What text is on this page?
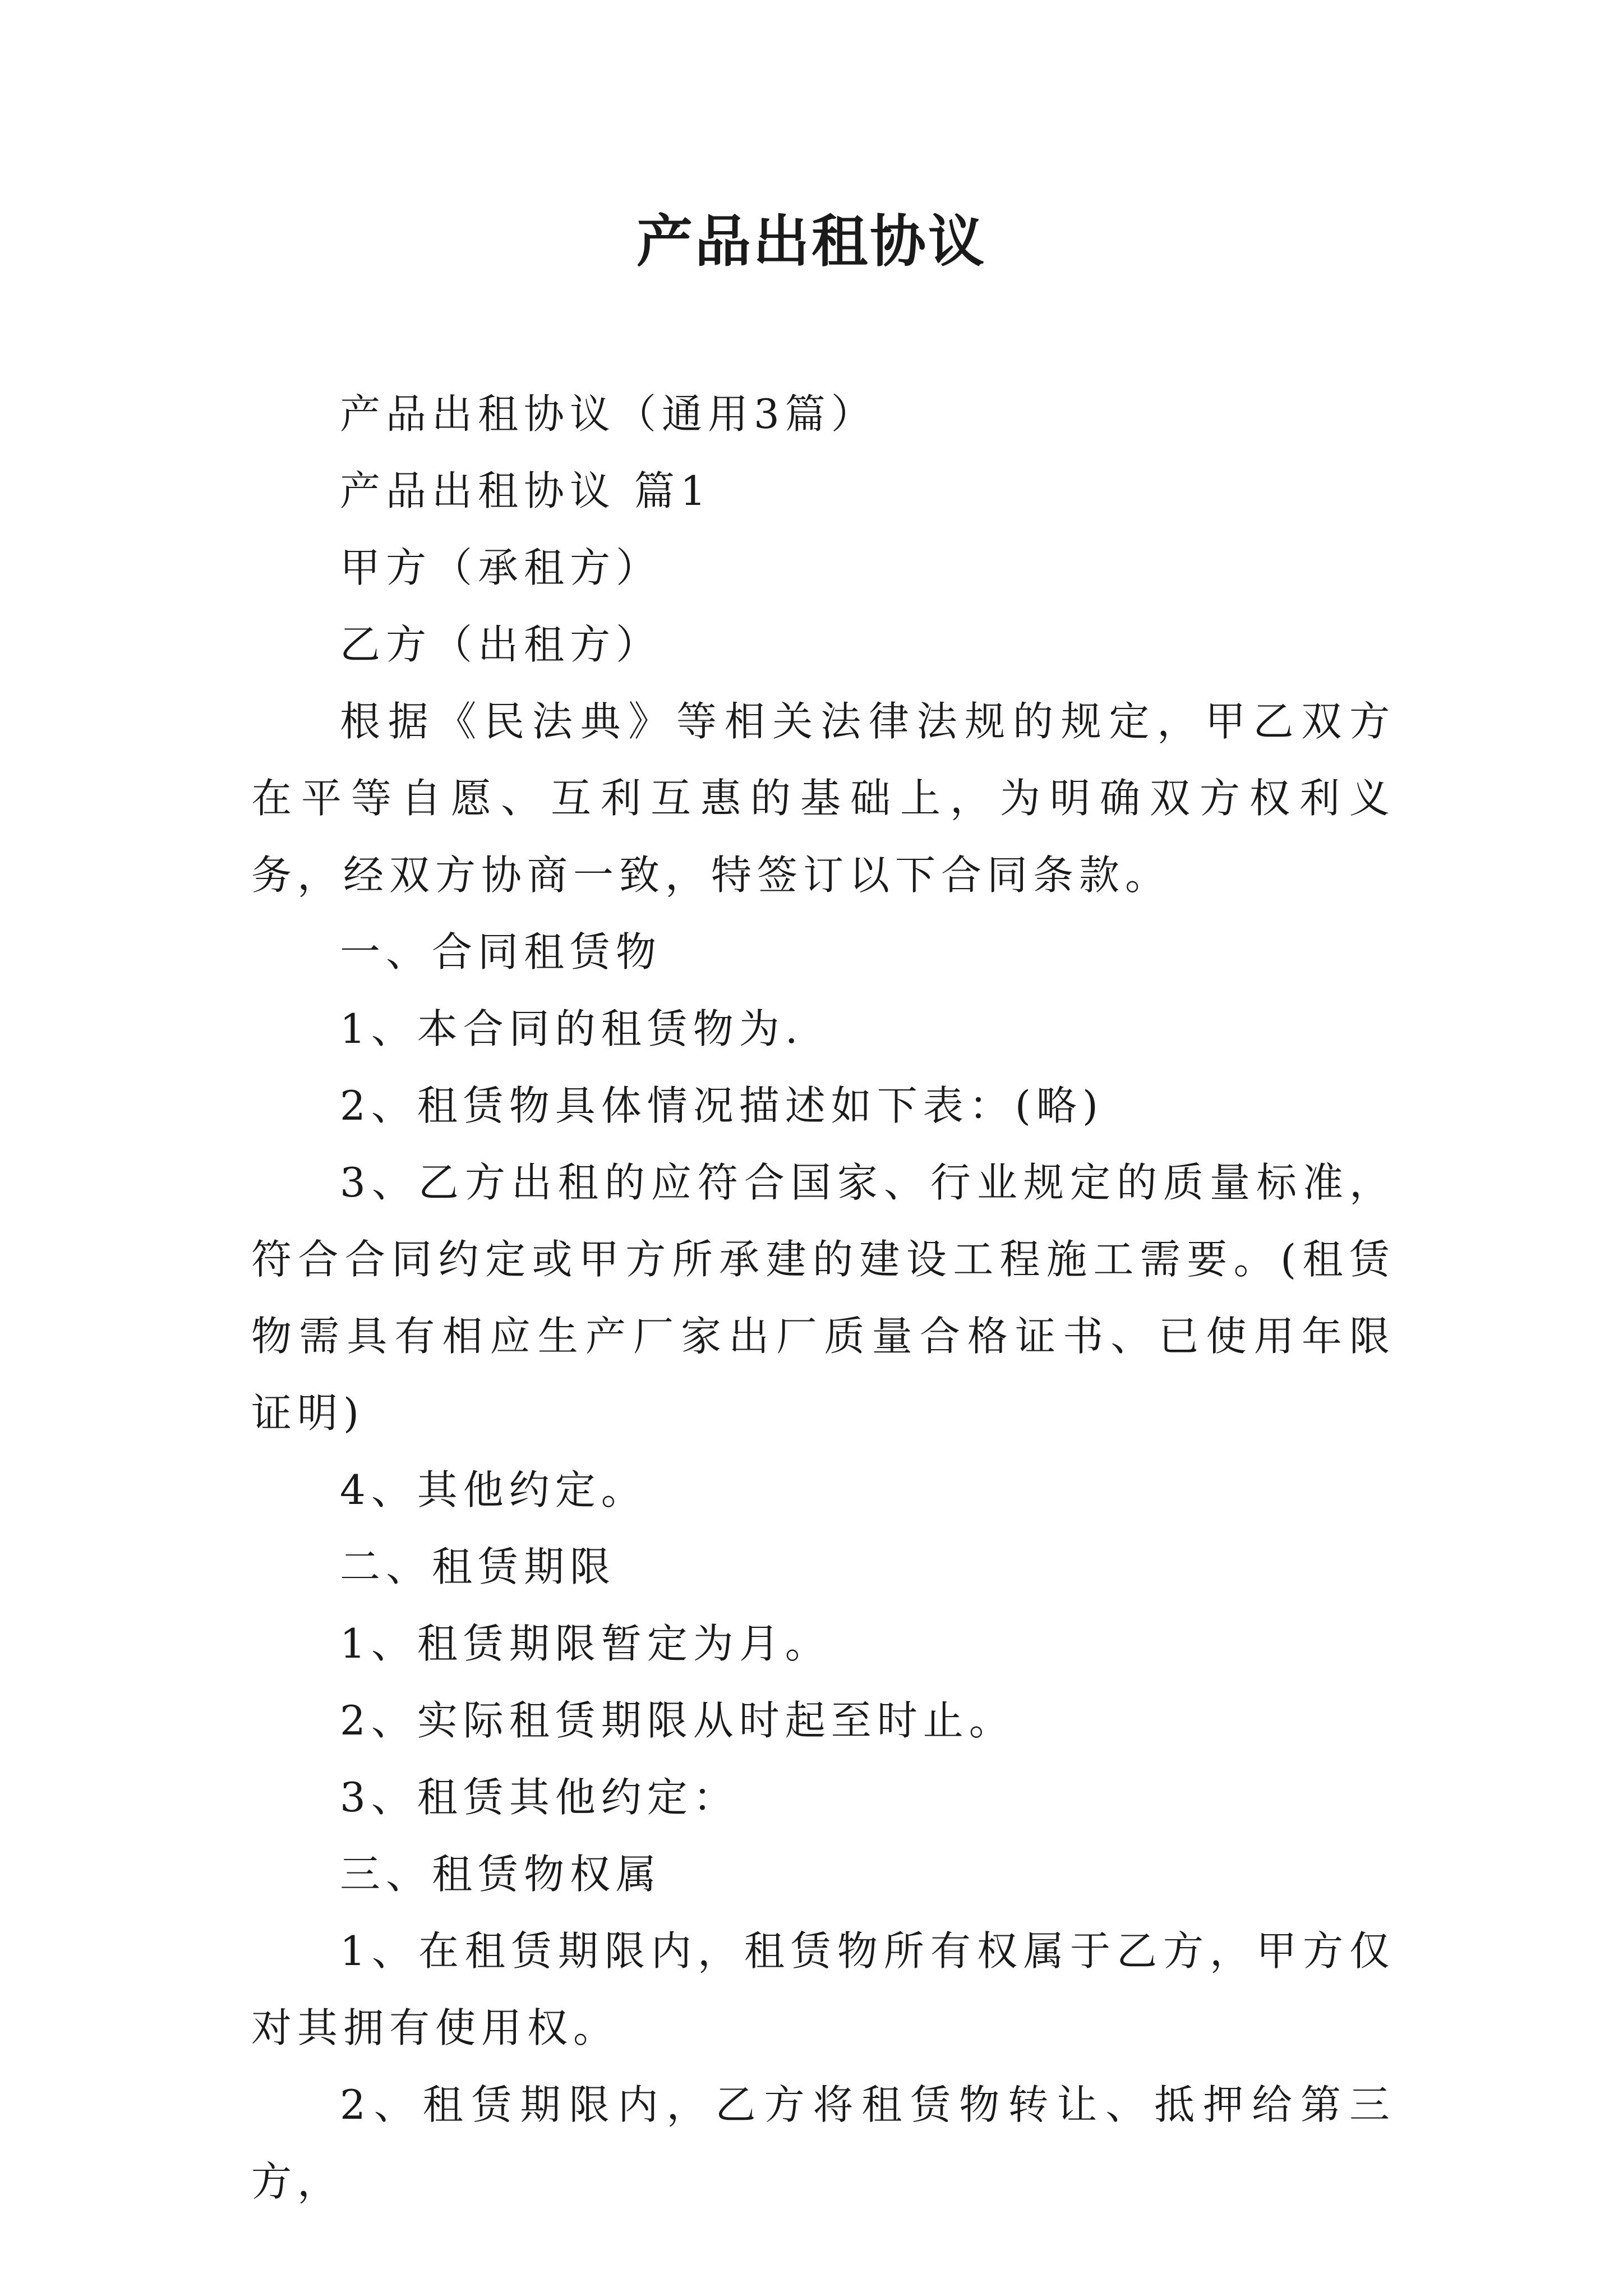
产品出租协议

产品出租协议（通用3篇）

产品出租协议 篇1

甲方（承租方）

乙方（出租方）

根据《民法典》等相关法律法规的规定，甲乙双方在平等自愿、互利互惠的基础上，为明确双方权利义务，经双方协商一致，特签订以下合同条款。

一、合同租赁物

1、本合同的租赁物为.

2、租赁物具体情况描述如下表：(略)

3、乙方出租的应符合国家、行业规定的质量标准，符合合同约定或甲方所承建的建设工程施工需要。(租赁物需具有相应生产厂家出厂质量合格证书、已使用年限证明)

4、其他约定。

二、租赁期限

1、租赁期限暂定为月。

2、实际租赁期限从时起至时止。

3、租赁其他约定：

三、租赁物权属

1、在租赁期限内，租赁物所有权属于乙方，甲方仅对其拥有使用权。

2、租赁期限内，乙方将租赁物转让、抵押给第三方，
